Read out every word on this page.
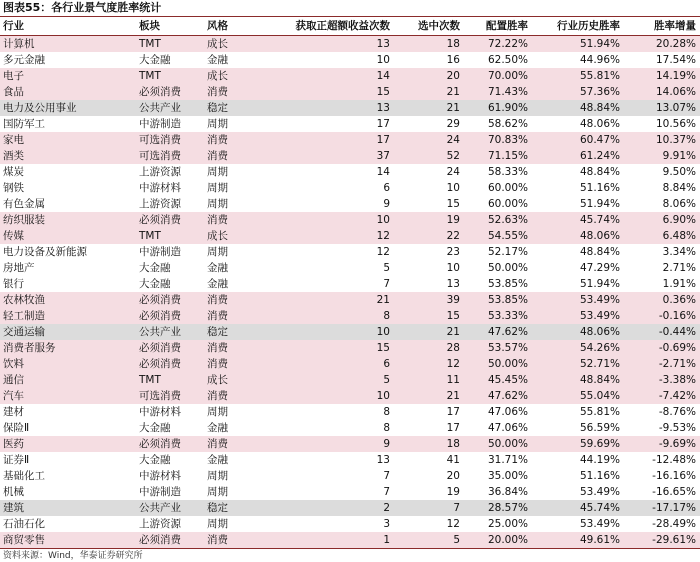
图表55：各行业景气度胜率统计
行业	板块	风格	获取正超额收益次数	选中次数	配置胜率	行业历史胜率	胜率增量
计算机	TMT	成长	13	18	72.22%	51.94%	20.28%
多元金融	大金融	金融	10	16	62.50%	44.96%	17.54%
电子	TMT	成长	14	20	70.00%	55.81%	14.19%
食品	必须消费	消费	15	21	71.43%	57.36%	14.06%
电力及公用事业	公共产业	稳定	13	21	61.90%	48.84%	13.07%
国防军工	中游制造	周期	17	29	58.62%	48.06%	10.56%
家电	可选消费	消费	17	24	70.83%	60.47%	10.37%
酒类	可选消费	消费	37	52	71.15%	61.24%	9.91%
煤炭	上游资源	周期	14	24	58.33%	48.84%	9.50%
钢铁	中游材料	周期	6	10	60.00%	51.16%	8.84%
有色金属	上游资源	周期	9	15	60.00%	51.94%	8.06%
纺织服装	必须消费	消费	10	19	52.63%	45.74%	6.90%
传媒	TMT	成长	12	22	54.55%	48.06%	6.48%
电力设备及新能源	中游制造	周期	12	23	52.17%	48.84%	3.34%
房地产	大金融	金融	5	10	50.00%	47.29%	2.71%
银行	大金融	金融	7	13	53.85%	51.94%	1.91%
农林牧渔	必须消费	消费	21	39	53.85%	53.49%	0.36%
轻工制造	必须消费	消费	8	15	53.33%	53.49%	-0.16%
交通运输	公共产业	稳定	10	21	47.62%	48.06%	-0.44%
消费者服务	必须消费	消费	15	28	53.57%	54.26%	-0.69%
饮料	必须消费	消费	6	12	50.00%	52.71%	-2.71%
通信	TMT	成长	5	11	45.45%	48.84%	-3.38%
汽车	可选消费	消费	10	21	47.62%	55.04%	-7.42%
建材	中游材料	周期	8	17	47.06%	55.81%	-8.76%
保险Ⅱ	大金融	金融	8	17	47.06%	56.59%	-9.53%
医药	必须消费	消费	9	18	50.00%	59.69%	-9.69%
证券Ⅱ	大金融	金融	13	41	31.71%	44.19%	-12.48%
基础化工	中游材料	周期	7	20	35.00%	51.16%	-16.16%
机械	中游制造	周期	7	19	36.84%	53.49%	-16.65%
建筑	公共产业	稳定	2	7	28.57%	45.74%	-17.17%
石油石化	上游资源	周期	3	12	25.00%	53.49%	-28.49%
商贸零售	必须消费	消费	1	5	20.00%	49.61%	-29.61%
资料来源：Wind，华泰证券研究所
